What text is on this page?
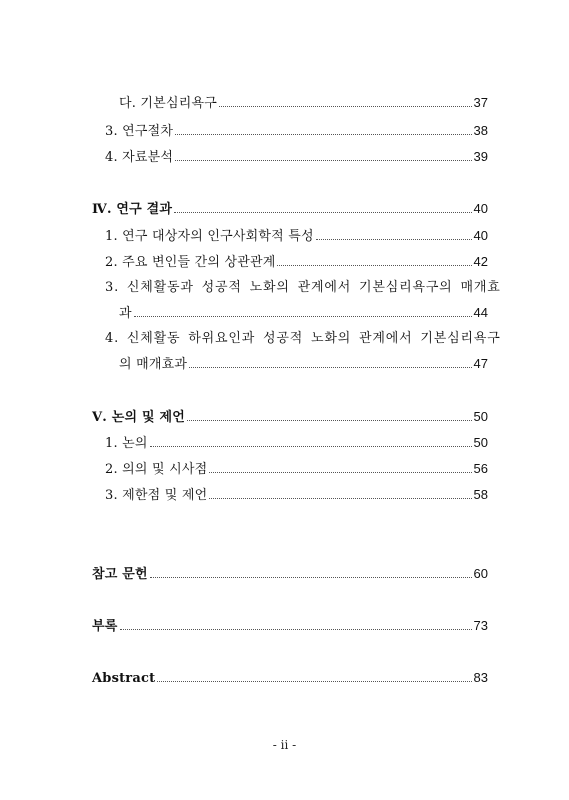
다. 기본심리욕구	37
3. 연구절차	38
4. 자료분석	39
Ⅳ. 연구 결과	40
1. 연구 대상자의 인구사회학적 특성	40
2. 주요 변인들 간의 상관관계	42
3. 신체활동과 성공적 노화의 관계에서 기본심리욕구의 매개효
과	44
4. 신체활동 하위요인과 성공적 노화의 관계에서 기본심리욕구
의 매개효과	47
Ⅴ. 논의 및 제언	50
1. 논의	50
2. 의의 및 시사점	56
3. 제한점 및 제언	58
참고 문헌	60
부록	73
Abstract	83
- ii -
